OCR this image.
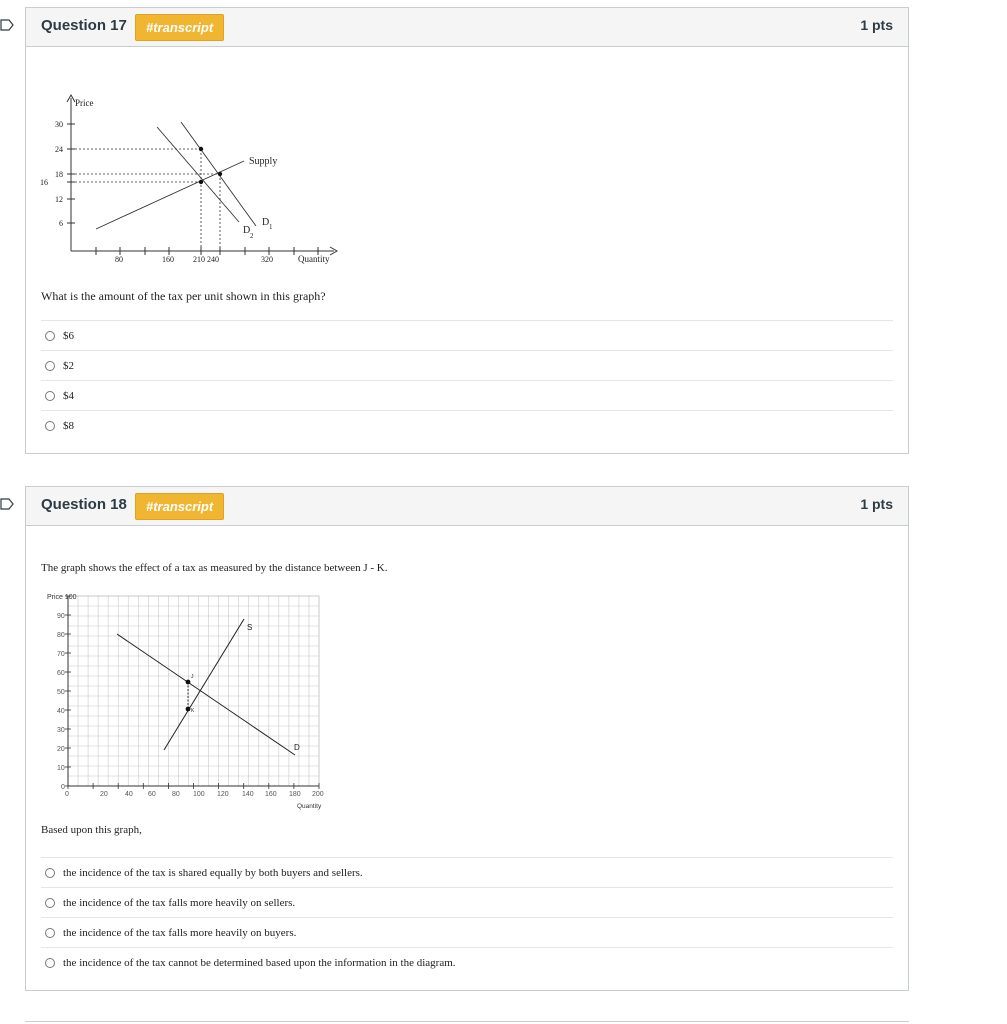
Question 17	#transcript	1 pts
Price
Quantity
30
24
18
16
12
6
80	160 210 240	320
Supply
D 1
D 2
What is the amount of the tax per unit shown in this graph?
$6
$2
$4
$8
Question 18	#transcript	1 pts
The graph shows the effect of a tax as measured by the distance between J - K.
Price 100
90
80
70
60
50
40
30
20
10
0
0	20 40 60 80 100 120 140 160 180 200
Quantity
S
D
J
K
Based upon this graph,
the incidence of the tax is shared equally by both buyers and sellers.
the incidence of the tax falls more heavily on sellers.
the incidence of the tax falls more heavily on buyers.
the incidence of the tax cannot be determined based upon the information in the diagram.
